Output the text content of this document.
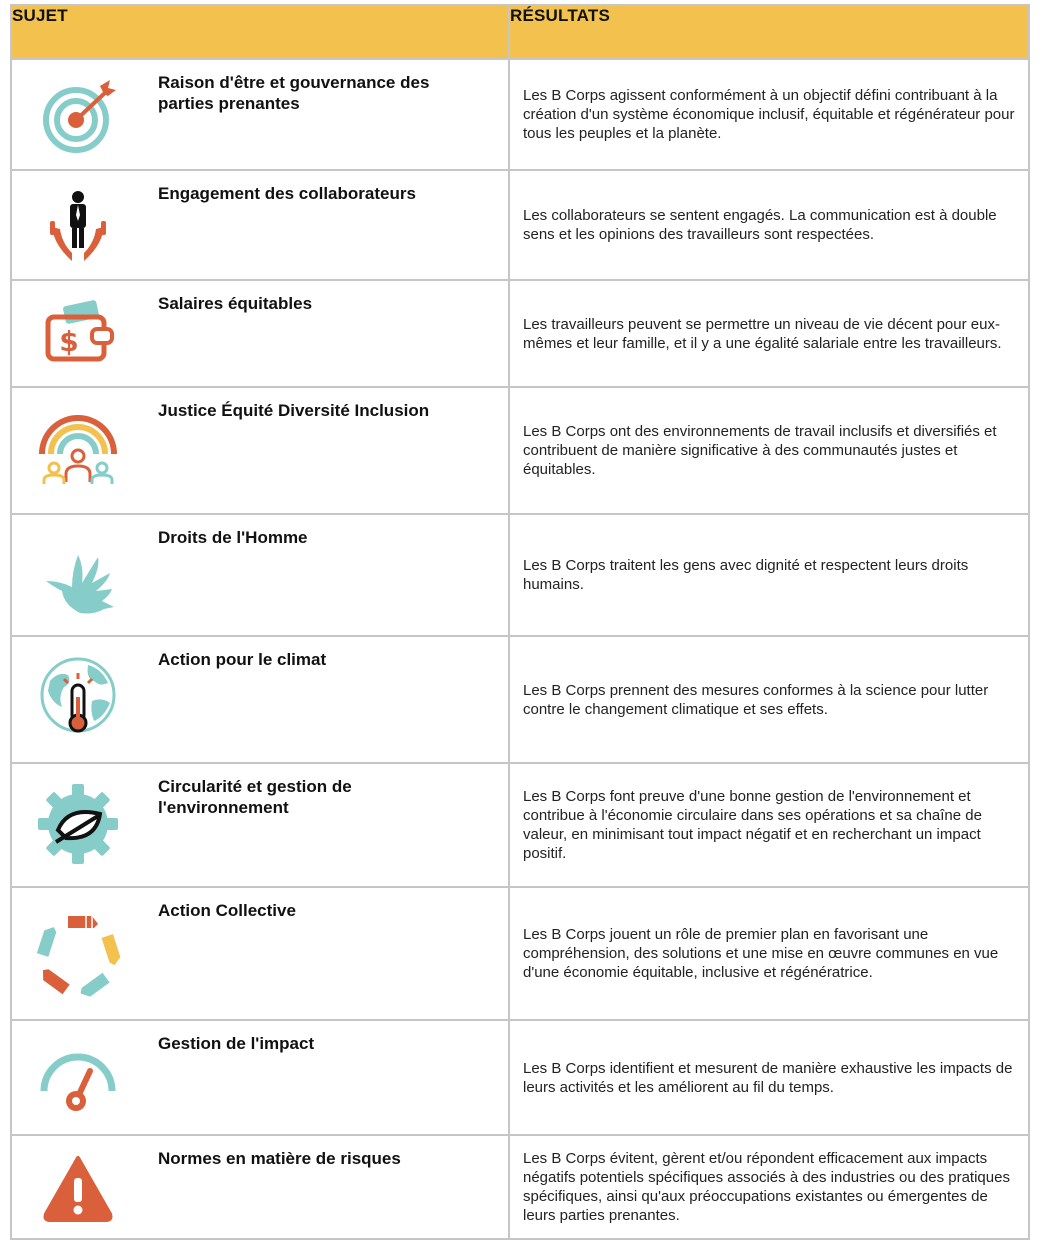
SUJET	RÉSULTATS

Raison d'être et gouvernance des parties prenantes	Les B Corps agissent conformément à un objectif défini contribuant à la création d'un système économique inclusif, équitable et régénérateur pour tous les peuples et la planète.

Engagement des collaborateurs	Les collaborateurs se sentent engagés. La communication est à double sens et les opinions des travailleurs sont respectées.

$
Salaires équitables	Les travailleurs peuvent se permettre un niveau de vie décent pour eux-mêmes et leur famille, et il y a une égalité salariale entre les travailleurs.

Justice Équité Diversité Inclusion	Les B Corps ont des environnements de travail inclusifs et diversifiés et contribuent de manière significative à des communautés justes et équitables.

Droits de l'Homme	Les B Corps traitent les gens avec dignité et respectent leurs droits humains.

Action pour le climat	Les B Corps prennent des mesures conformes à la science pour lutter contre le changement climatique et ses effets.

Circularité et gestion de l'environnement	Les B Corps font preuve d'une bonne gestion de l'environnement et contribue à l'économie circulaire dans ses opérations et sa chaîne de valeur, en minimisant tout impact négatif et en recherchant un impact positif.

Action Collective	Les B Corps jouent un rôle de premier plan en favorisant une compréhension, des solutions et une mise en œuvre communes en vue d'une économie équitable, inclusive et régénératrice.

Gestion de l'impact	Les B Corps identifient et mesurent de manière exhaustive les impacts de leurs activités et les améliorent au fil du temps.

Normes en matière de risques	Les B Corps évitent, gèrent et/ou répondent efficacement aux impacts négatifs potentiels spécifiques associés à des industries ou des pratiques spécifiques, ainsi qu'aux préoccupations existantes ou émergentes de leurs parties prenantes.
